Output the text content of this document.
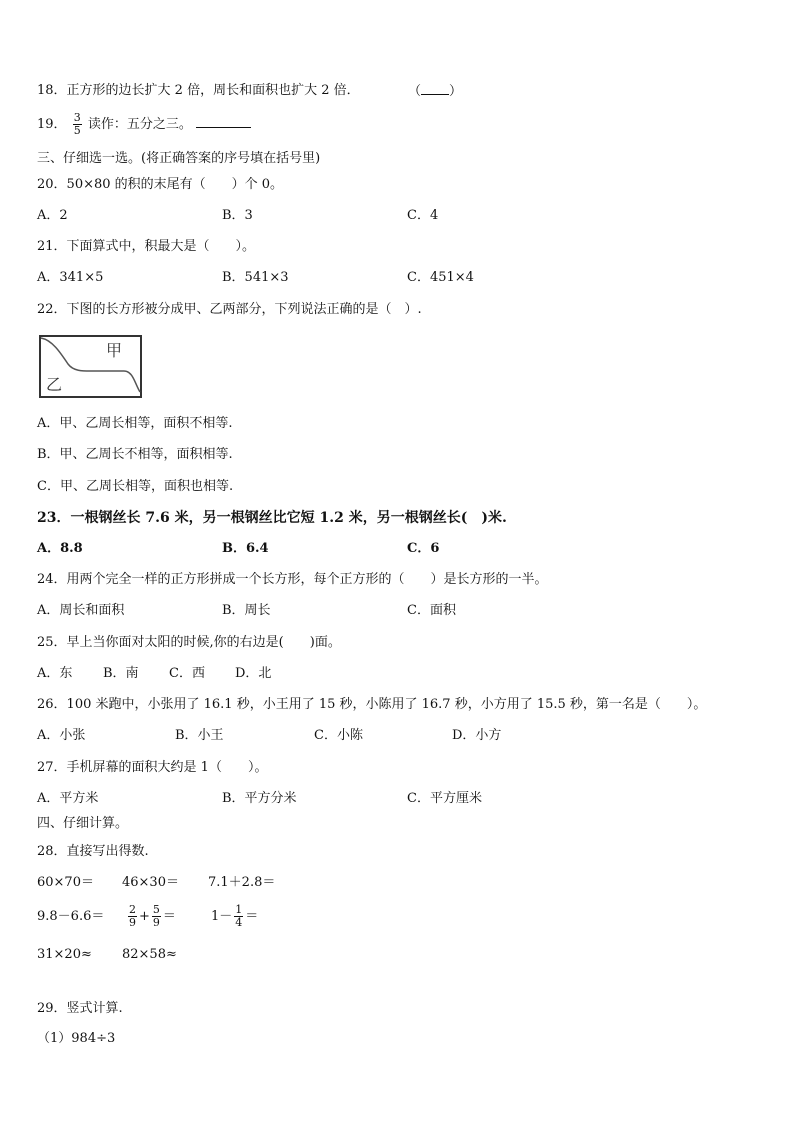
18．正方形的边长扩大 2 倍，周长和面积也扩大 2 倍．	（ ）
19． $\frac{3}{5}$ 读作：五分之三。
三、仔细选一选。(将正确答案的序号填在括号里)
20．50×80 的积的末尾有（　　）个 0。
A．2	B．3	C．4
21．下面算式中，积最大是（　　）。
A．341×5	B．541×3	C．451×4
22．下图的长方形被分成甲、乙两部分，下列说法正确的是（　）.
甲
乙
A．甲、乙周长相等，面积不相等.
B．甲、乙周长不相等，面积相等.
C．甲、乙周长相等，面积也相等.
23．一根钢丝长 7.6 米，另一根钢丝比它短 1.2 米，另一根钢丝长(　)米.
A．8.8	B．6.4	C．6
24．用两个完全一样的正方形拼成一个长方形，每个正方形的（　　）是长方形的一半。
A．周长和面积	B．周长	C．面积
25．早上当你面对太阳的时候,你的右边是(　　)面。
A．东 B．南 C．西 D．北
26．100 米跑中，小张用了 16.1 秒，小王用了 15 秒，小陈用了 16.7 秒，小方用了 15.5 秒，第一名是（　　）。
A．小张	B．小王	C．小陈	D．小方
27．手机屏幕的面积大约是 1（　　）。
A．平方米	B．平方分米	C．平方厘米
四、仔细计算。
28．直接写出得数.
60×70＝ 46×30＝ 7.1＋2.8＝
$9.8-6.6= \frac{2}{9} + \frac{5}{9}$ ＝	$1- \frac{1}{4}$ ＝
31×20≈ 82×58≈
29．竖式计算.
（1）984÷3
